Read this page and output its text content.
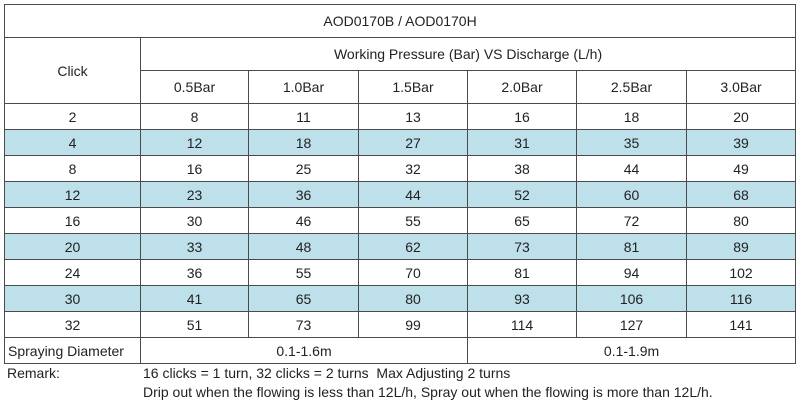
AOD0170B / AOD0170H						
Click	Working Pressure (Bar) VS Discharge (L/h)					
	0.5Bar	1.0Bar	1.5Bar	2.0Bar	2.5Bar	3.0Bar
2	8	11	13	16	18	20
4	12	18	27	31	35	39
8	16	25	32	38	44	49
12	23	36	44	52	60	68
16	30	46	55	65	72	80
20	33	48	62	73	81	89
24	36	55	70	81	94	102
30	41	65	80	93	106	116
32	51	73	99	114	127	141
Spraying Diameter	0.1-1.6m			0.1-1.9m		
Remark:	16 clicks = 1 turn, 32 clicks = 2 turns  Max Adjusting 2 turns
Drip out when the flowing is less than 12L/h, Spray out when the flowing is more than 12L/h.
